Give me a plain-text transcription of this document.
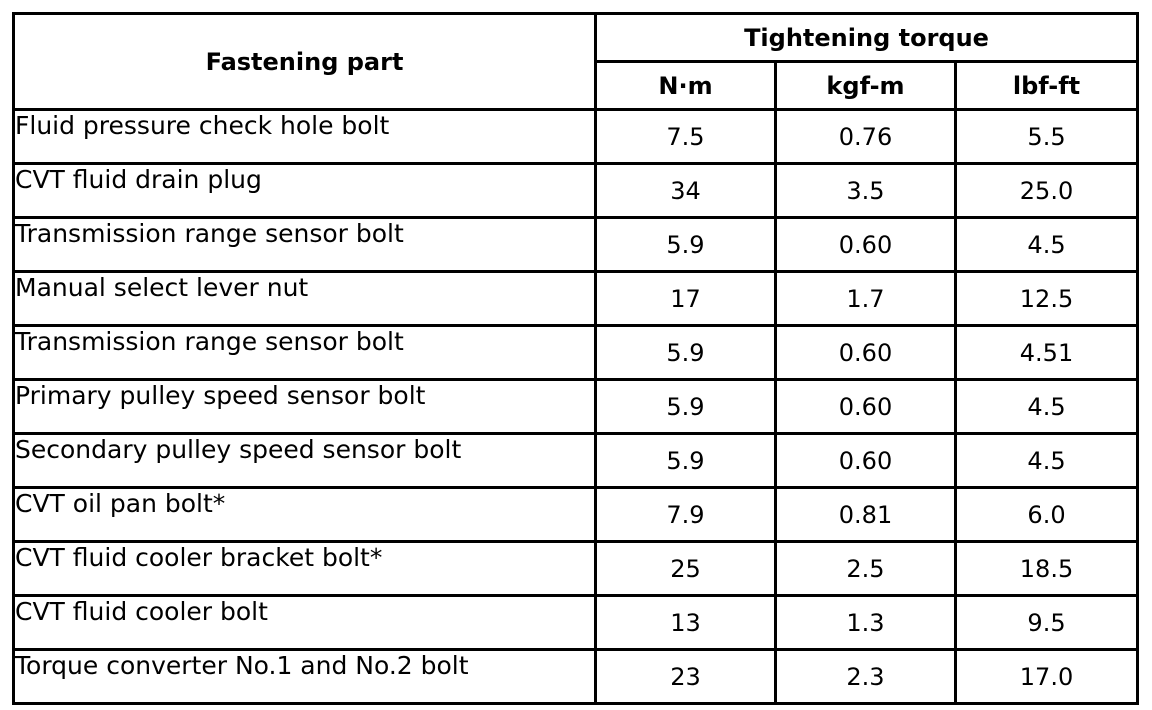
Fastening part	Tightening torque		
	N·m	kgf-m	lbf-ft
Fluid pressure check hole bolt	7.5	0.76	5.5
CVT fluid drain plug	34	3.5	25.0
Transmission range sensor bolt	5.9	0.60	4.5
Manual select lever nut	17	1.7	12.5
Transmission range sensor bolt	5.9	0.60	4.51
Primary pulley speed sensor bolt	5.9	0.60	4.5
Secondary pulley speed sensor bolt	5.9	0.60	4.5
CVT oil pan bolt*	7.9	0.81	6.0
CVT fluid cooler bracket bolt*	25	2.5	18.5
CVT fluid cooler bolt	13	1.3	9.5
Torque converter No.1 and No.2 bolt	23	2.3	17.0
